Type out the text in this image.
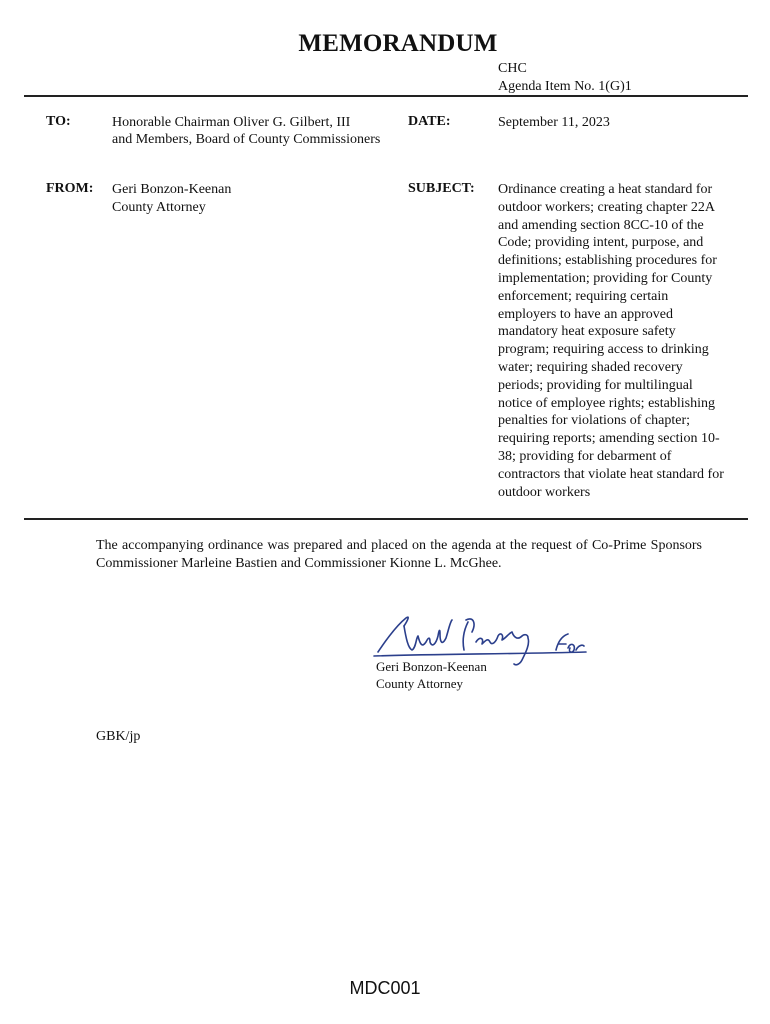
MEMORANDUM
CHC
Agenda Item No. 1(G)1
TO:	Honorable Chairman Oliver G. Gilbert, III
and Members, Board of County Commissioners
DATE:	September 11, 2023
FROM: Geri Bonzon-Keenan
County Attorney
SUBJECT: Ordinance creating a heat standard for
outdoor workers; creating chapter 22A
and amending section 8CC-10 of the
Code; providing intent, purpose, and
definitions; establishing procedures for
implementation; providing for County
enforcement; requiring certain
employers to have an approved
mandatory heat exposure safety
program; requiring access to drinking
water; requiring shaded recovery
periods; providing for multilingual
notice of employee rights; establishing
penalties for violations of chapter;
requiring reports; amending section 10-
38; providing for debarment of
contractors that violate heat standard for
outdoor workers
The accompanying ordinance was prepared and placed on the agenda at the request of Co-Prime Sponsors Commissioner Marleine Bastien and Commissioner Kionne L. McGhee.
Geri Bonzon-Keenan
County Attorney
GBK/jp
MDC001
